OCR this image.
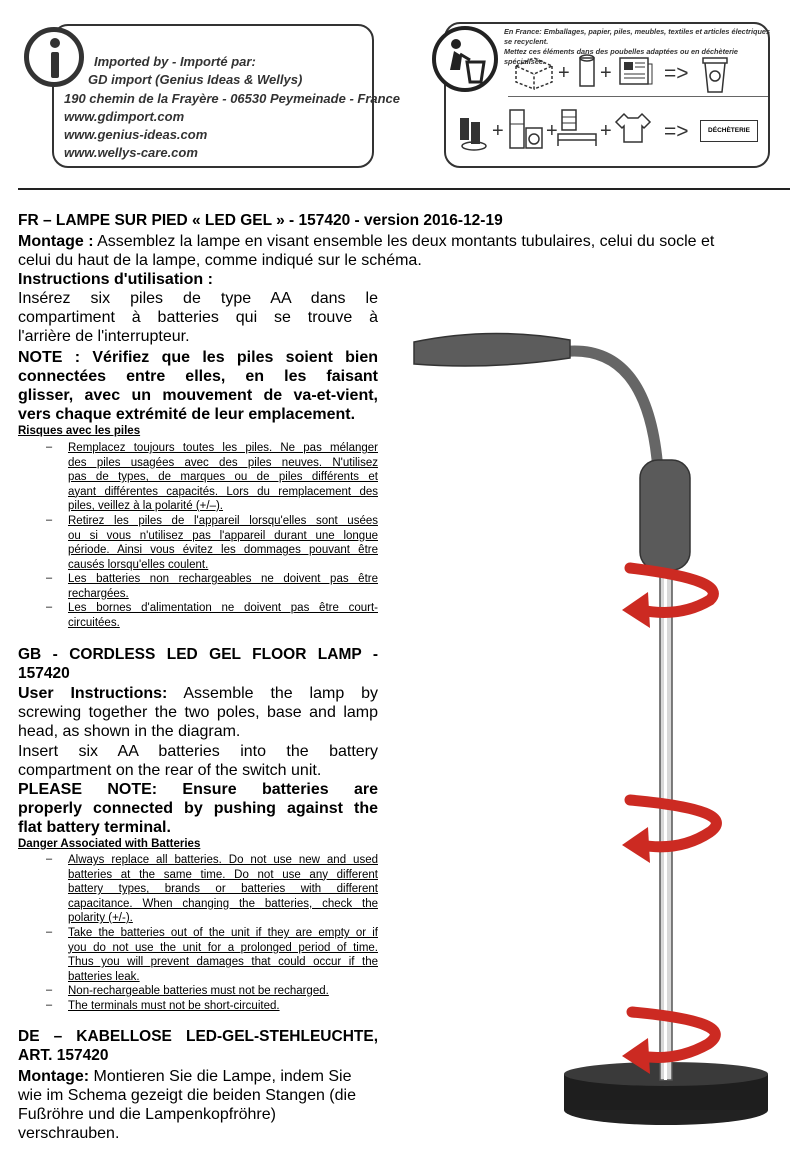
Imported by - Importé par:
GD import (Genius Ideas & Wellys)
190 chemin de la Frayère - 06530 Peymeinade - France
www.gdimport.com
www.genius-ideas.com
www.wellys-care.com
En France: Emballages, papier, piles, meubles, textiles et articles électriques se recyclent.
Mettez ces éléments dans des poubelles adaptées ou en déchèterie spécialisée.
+ + =>
+ + + =>	DÉCHÈTERIE
FR – LAMPE SUR PIED « LED GEL » - 157420 - version 2016-12-19
Montage : Assemblez la lampe en visant ensemble les deux montants tubulaires, celui du socle et
celui du haut de la lampe, comme indiqué sur le schéma.
Instructions d'utilisation :
Insérez six piles de type AA dans le
compartiment à batteries qui se trouve à
l'arrière de l'interrupteur.
NOTE : Vérifiez que les piles soient bien
connectées entre elles, en les faisant
glisser, avec un mouvement de va-et-vient,
vers chaque extrémité de leur emplacement.
Risques avec les piles
– Remplacez toujours toutes les piles. Ne pas mélanger
des piles usagées avec des piles neuves. N'utilisez
pas de types, de marques ou de piles différents et
ayant différentes capacités. Lors du remplacement des
piles, veillez à la polarité (+/–).
– Retirez les piles de l'appareil lorsqu'elles sont usées
ou si vous n'utilisez pas l'appareil durant une longue
période. Ainsi vous évitez les dommages pouvant être
causés lorsqu'elles coulent.
– Les batteries non rechargeables ne doivent pas être
rechargées.
– Les bornes d'alimentation ne doivent pas être court-
circuitées.
GB - CORDLESS LED GEL FLOOR LAMP -
157420
User Instructions: Assemble the lamp by
screwing together the two poles, base and lamp
head, as shown in the diagram.
Insert six AA batteries into the battery
compartment on the rear of the switch unit.
PLEASE NOTE: Ensure batteries are
properly connected by pushing against the
flat battery terminal.
Danger Associated with Batteries
– Always replace all batteries. Do not use new and used
batteries at the same time. Do not use any different
battery types, brands or batteries with different
capacitance. When changing the batteries, check the
polarity (+/-).
– Take the batteries out of the unit if they are empty or if
you do not use the unit for a prolonged period of time.
Thus you will prevent damages that could occur if the
batteries leak.
– Non-rechargeable batteries must not be recharged.
– The terminals must not be short-circuited.
DE – KABELLOSE LED-GEL-STEHLEUCHTE,
ART. 157420
Montage: Montieren Sie die Lampe, indem Sie
wie im Schema gezeigt die beiden Stangen (die
Fußröhre und die Lampenkopfröhre)
verschrauben.
